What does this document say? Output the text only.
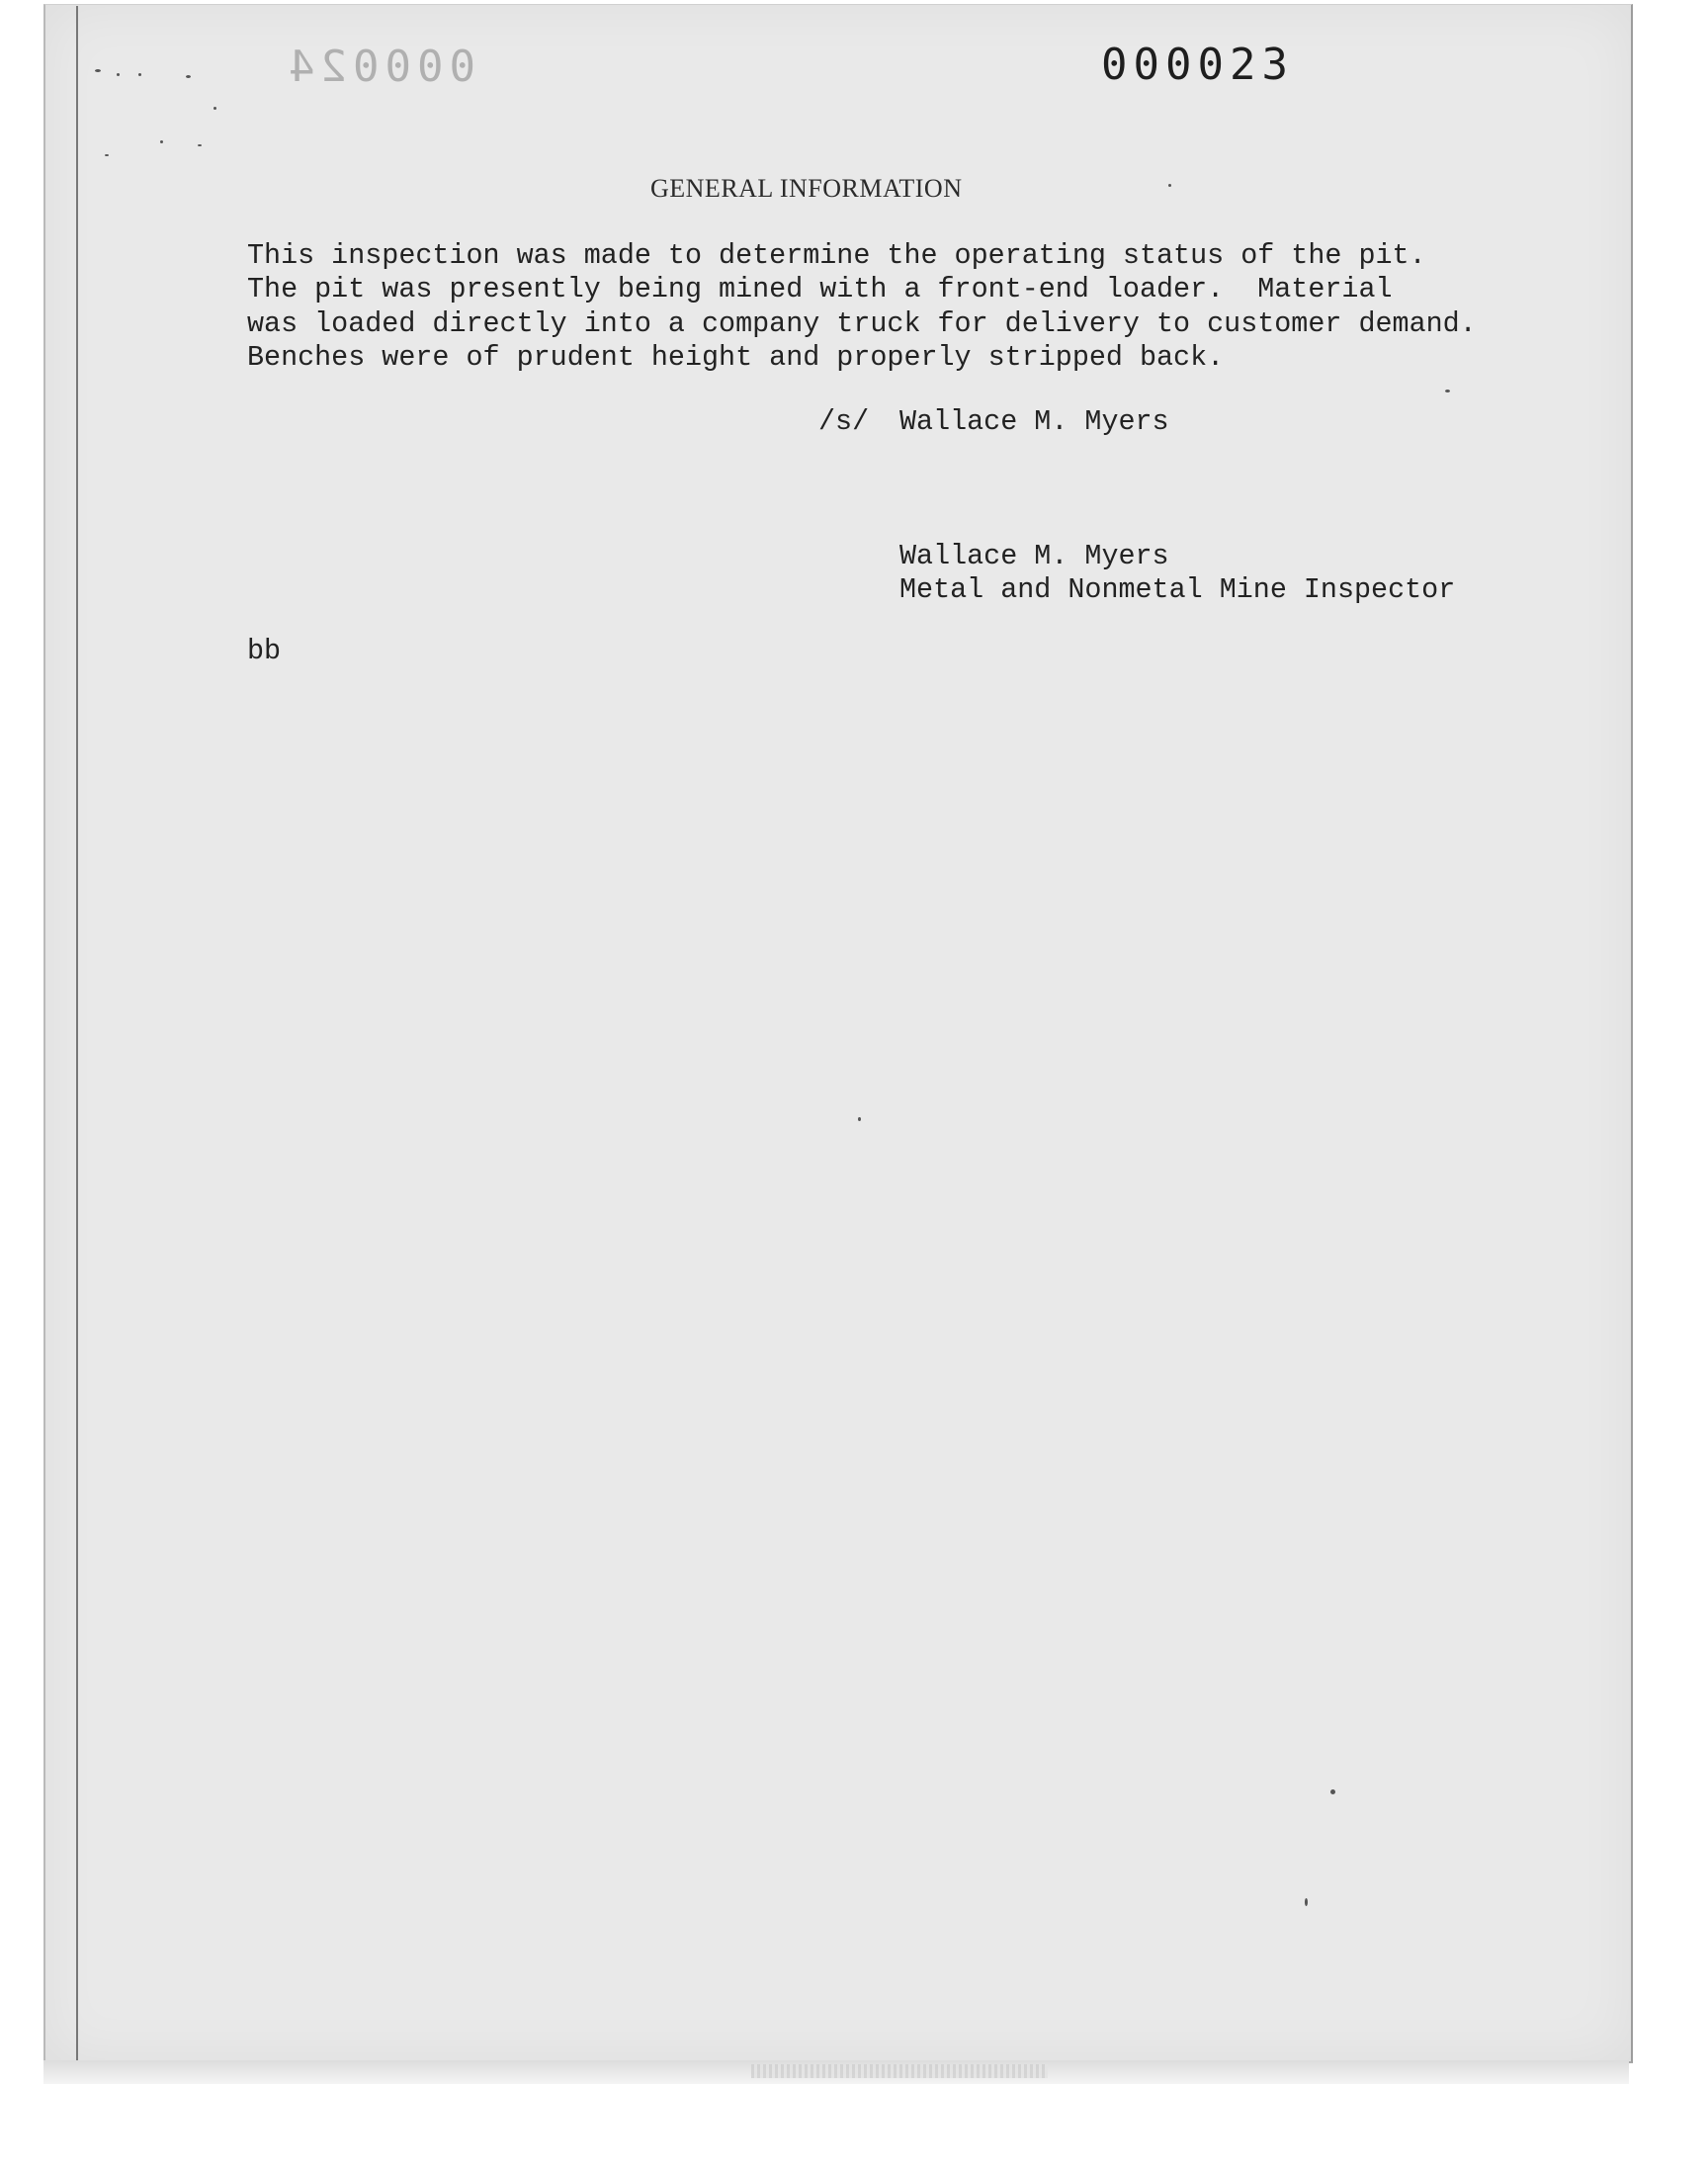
000024	000023
GENERAL INFORMATION
This inspection was made to determine the operating status of the pit.
The pit was presently being mined with a front-end loader.  Material
was loaded directly into a company truck for delivery to customer demand.
Benches were of prudent height and properly stripped back.
/s/ Wallace M. Myers
Wallace M. Myers
Metal and Nonmetal Mine Inspector
bb
